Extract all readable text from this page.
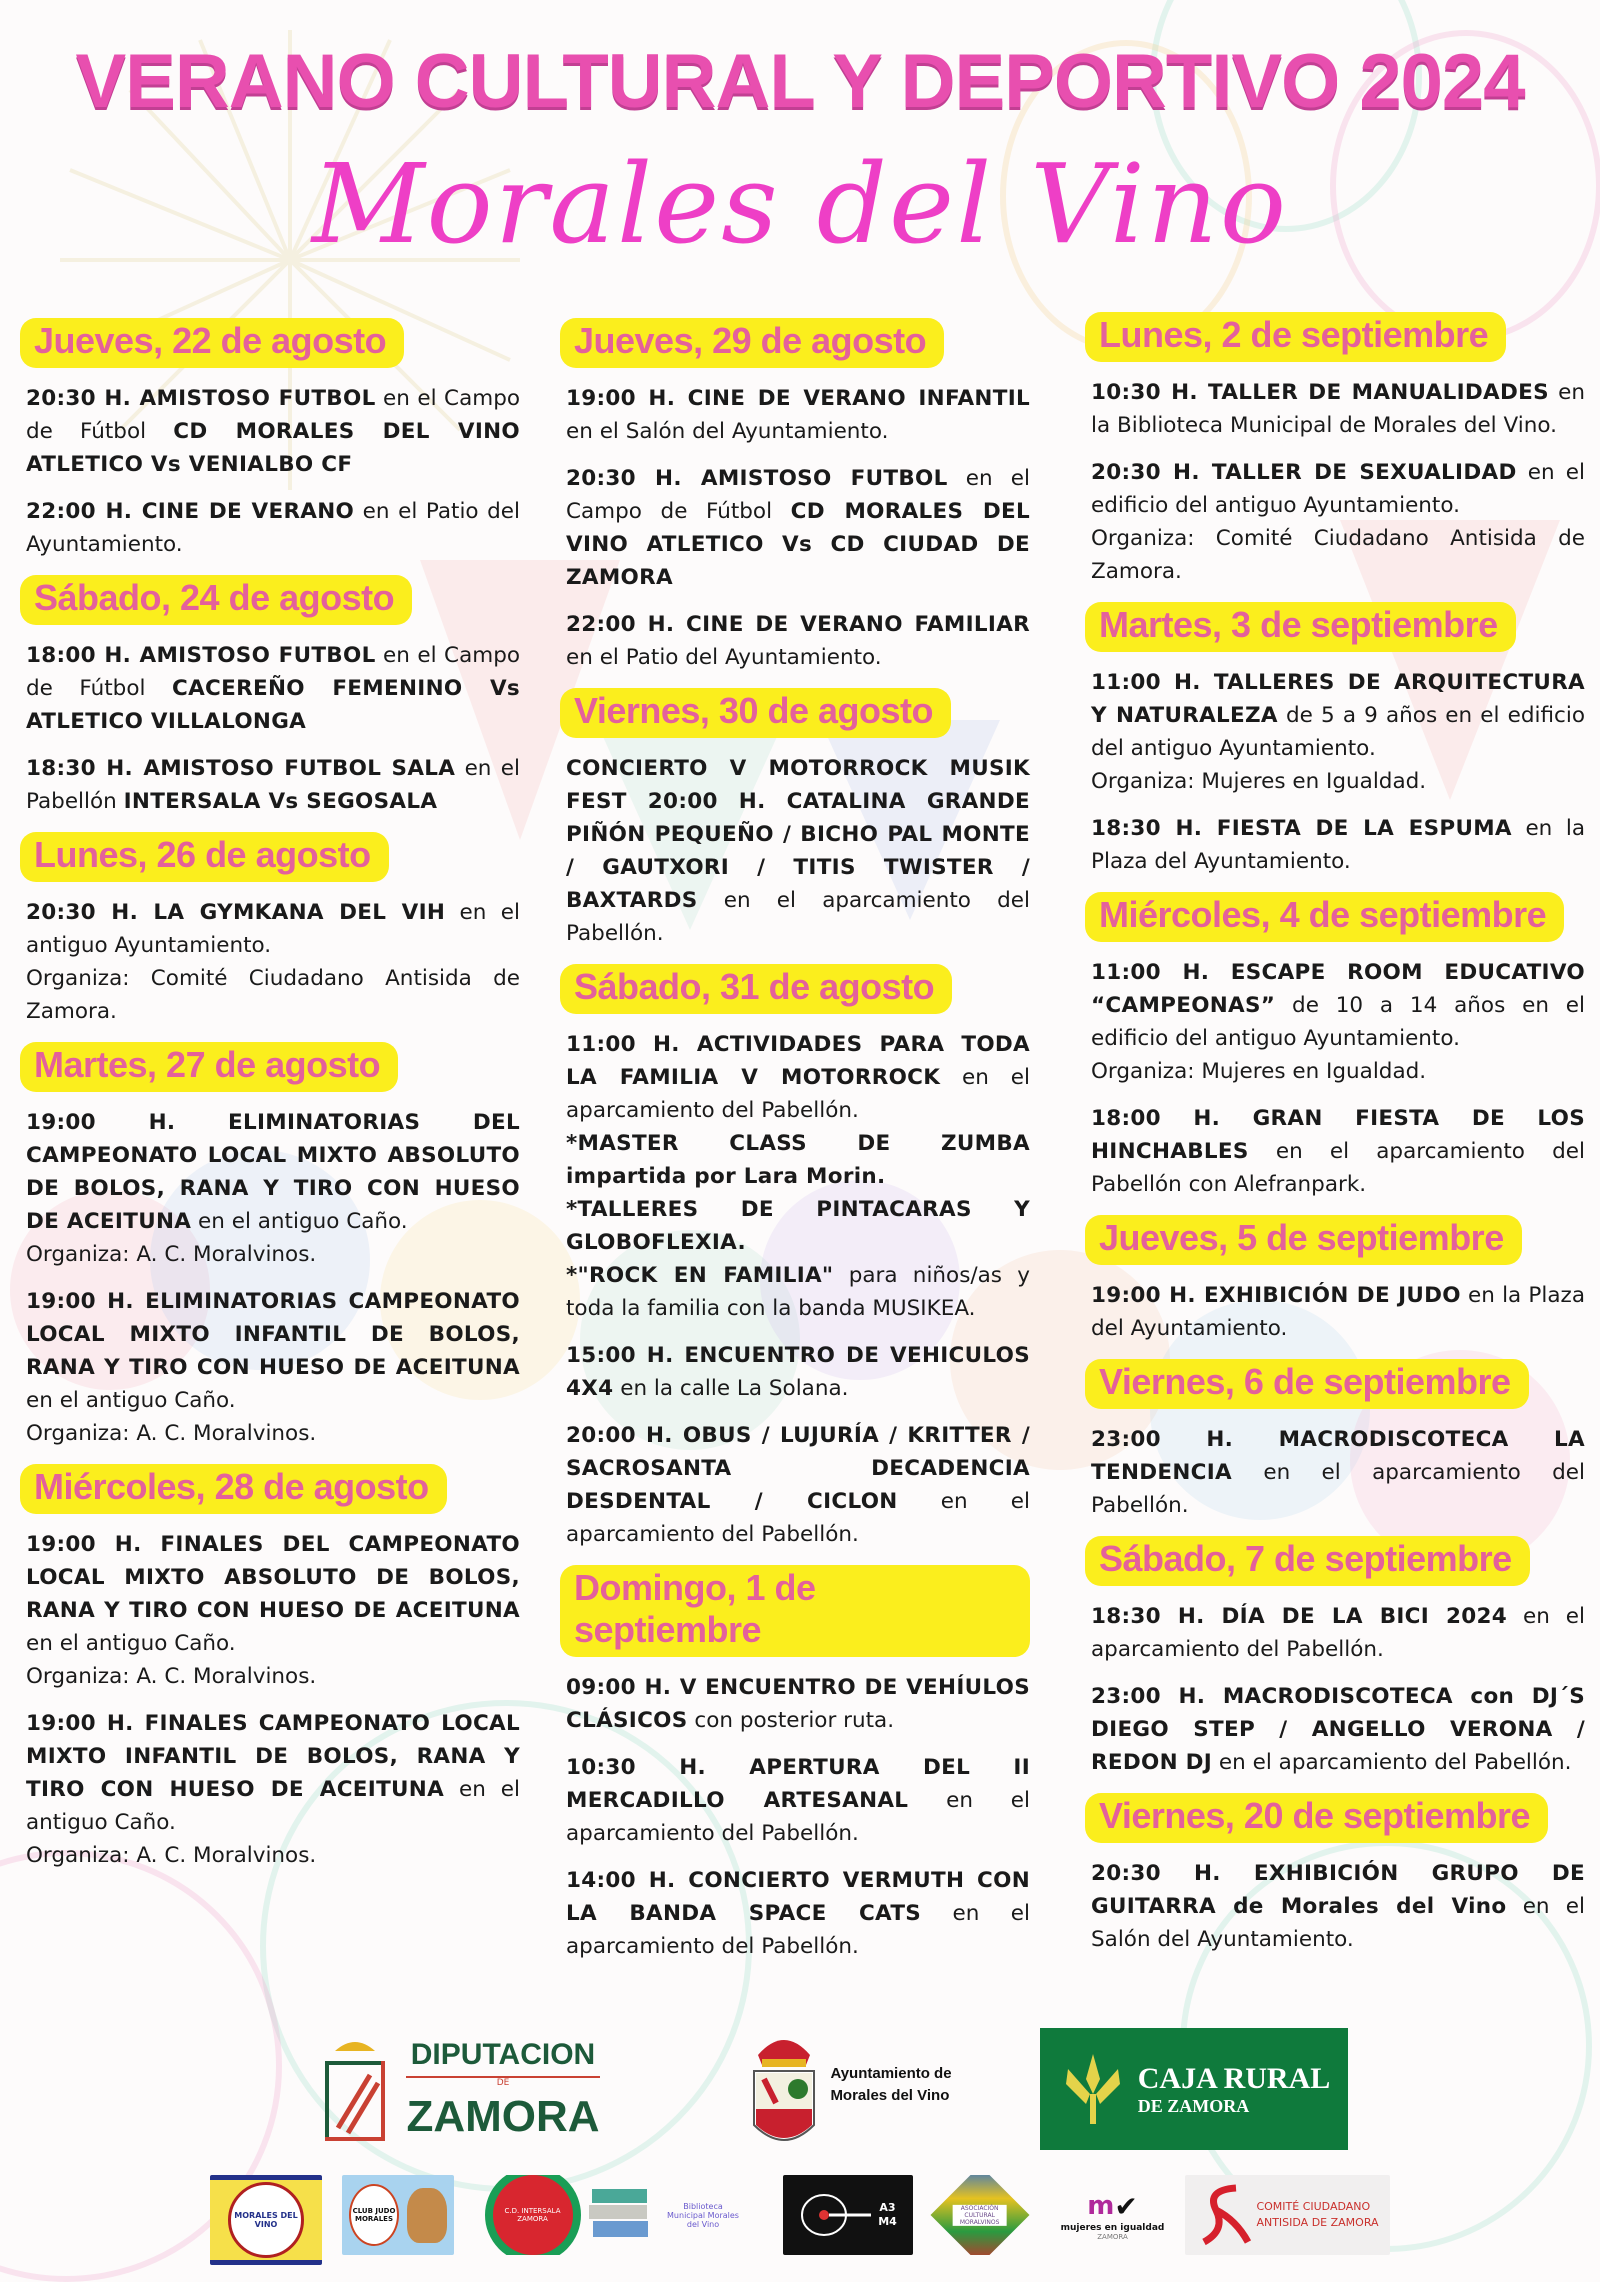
VERANO CULTURAL Y DEPORTIVO 2024
Morales del Vino
Jueves, 22 de agosto
20:30 H. AMISTOSO FUTBOL en el Campo de Fútbol CD MORALES DEL VINO ATLETICO Vs VENIALBO CF
22:00 H. CINE DE VERANO en el Patio del Ayuntamiento.
Sábado, 24 de agosto
18:00 H. AMISTOSO FUTBOL en el Campo de Fútbol CACEREÑO FEMENINO Vs ATLETICO VILLALONGA
18:30 H. AMISTOSO FUTBOL SALA en el Pabellón INTERSALA Vs SEGOSALA
Lunes, 26 de agosto
20:30 H. LA GYMKANA DEL VIH en el antiguo Ayuntamiento.
Organiza: Comité Ciudadano Antisida de Zamora.
Martes, 27 de agosto
19:00 H. ELIMINATORIAS DEL CAMPEONATO LOCAL MIXTO ABSOLUTO DE BOLOS, RANA Y TIRO CON HUESO DE ACEITUNA en el antiguo Caño.
Organiza: A. C. Moralvinos.
19:00 H. ELIMINATORIAS CAMPEONATO LOCAL MIXTO INFANTIL DE BOLOS, RANA Y TIRO CON HUESO DE ACEITUNA en el antiguo Caño.
Organiza: A. C. Moralvinos.
Miércoles, 28 de agosto
19:00 H. FINALES DEL CAMPEONATO LOCAL MIXTO ABSOLUTO DE BOLOS, RANA Y TIRO CON HUESO DE ACEITUNA en el antiguo Caño.
Organiza: A. C. Moralvinos.
19:00 H. FINALES CAMPEONATO LOCAL MIXTO INFANTIL DE BOLOS, RANA Y TIRO CON HUESO DE ACEITUNA en el antiguo Caño.
Organiza: A. C. Moralvinos.
Jueves, 29 de agosto
19:00 H. CINE DE VERANO INFANTIL en el Salón del Ayuntamiento.
20:30 H. AMISTOSO FUTBOL en el Campo de Fútbol CD MORALES DEL VINO ATLETICO Vs CD CIUDAD DE ZAMORA
22:00 H. CINE DE VERANO FAMILIAR en el Patio del Ayuntamiento.
Viernes, 30 de agosto
CONCIERTO V MOTORROCK MUSIK FEST 20:00 H. CATALINA GRANDE PIÑÓN PEQUEÑO / BICHO PAL MONTE / GAUTXORI / TITIS TWISTER / BAXTARDS en el aparcamiento del Pabellón.
Sábado, 31 de agosto
11:00 H. ACTIVIDADES PARA TODA LA FAMILIA V MOTORROCK en el aparcamiento del Pabellón.
*MASTER CLASS DE ZUMBA impartida por Lara Morin.
*TALLERES DE PINTACARAS Y GLOBOFLEXIA.
*"ROCK EN FAMILIA" para niños/as y toda la familia con la banda MUSIKEA.
15:00 H. ENCUENTRO DE VEHICULOS 4X4 en la calle La Solana.
20:00 H. OBUS / LUJURÍA / KRITTER / SACROSANTA DECADENCIA DESDENTAL / CICLON en el aparcamiento del Pabellón.
Domingo, 1 de septiembre
09:00 H. V ENCUENTRO DE VEHÍULOS CLÁSICOS con posterior ruta.
10:30 H. APERTURA DEL II MERCADILLO ARTESANAL en el aparcamiento del Pabellón.
14:00 H. CONCIERTO VERMUTH CON LA BANDA SPACE CATS en el aparcamiento del Pabellón.
Lunes, 2 de septiembre
10:30 H. TALLER DE MANUALIDADES en la Biblioteca Municipal de Morales del Vino.
20:30 H. TALLER DE SEXUALIDAD en el edificio del antiguo Ayuntamiento.
Organiza: Comité Ciudadano Antisida de Zamora.
Martes, 3 de septiembre
11:00 H. TALLERES DE ARQUITECTURA Y NATURALEZA de 5 a 9 años en el edificio del antiguo Ayuntamiento.
Organiza: Mujeres en Igualdad.
18:30 H. FIESTA DE LA ESPUMA en la Plaza del Ayuntamiento.
Miércoles, 4 de septiembre
11:00 H. ESCAPE ROOM EDUCATIVO “CAMPEONAS” de 10 a 14 años en el edificio del antiguo Ayuntamiento.
Organiza: Mujeres en Igualdad.
18:00 H. GRAN FIESTA DE LOS HINCHABLES en el aparcamiento del Pabellón con Alefranpark.
Jueves, 5 de septiembre
19:00 H. EXHIBICIÓN DE JUDO en la Plaza del Ayuntamiento.
Viernes, 6 de septiembre
23:00 H. MACRODISCOTECA LA TENDENCIA en el aparcamiento del Pabellón.
Sábado, 7 de septiembre
18:30 H. DÍA DE LA BICI 2024 en el aparcamiento del Pabellón.
23:00 H. MACRODISCOTECA con DJ´S DIEGO STEP / ANGELLO VERONA / REDON DJ en el aparcamiento del Pabellón.
Viernes, 20 de septiembre
20:30 H. EXHIBICIÓN GRUPO DE GUITARRA de Morales del Vino en el Salón del Ayuntamiento.
DIPUTACION
DE
ZAMORA
Ayuntamiento de
Morales del Vino
CAJA RURAL
DE ZAMORA
MORALES DEL VINO
CLUB JUDO MORALES
C.D. INTERSALA ZAMORA
Biblioteca Municipal Morales del Vino
A3
M4
ASOCIACIÓN CULTURAL MORALVINOS
m ✔
mujeres en igualdad
ZAMORA
COMITÉ CIUDADANO
ANTISIDA DE ZAMORA
